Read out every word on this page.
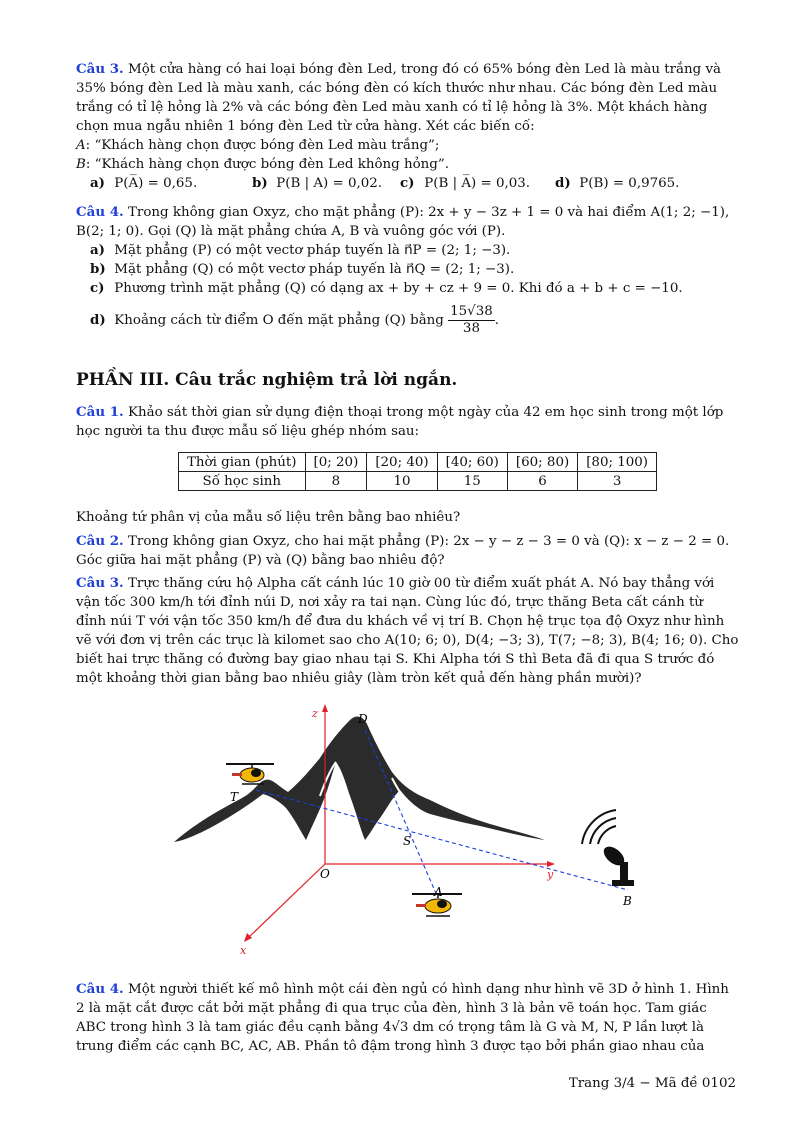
Câu 3. Một cửa hàng có hai loại bóng đèn Led, trong đó có 65% bóng đèn Led là màu trắng và
35% bóng đèn Led là màu xanh, các bóng đèn có kích thước như nhau. Các bóng đèn Led màu
trắng có tỉ lệ hỏng là 2% và các bóng đèn Led màu xanh có tỉ lệ hỏng là 3%. Một khách hàng
chọn mua ngẫu nhiên 1 bóng đèn Led từ cửa hàng. Xét các biến cố:
A: “Khách hàng chọn được bóng đèn Led màu trắng”;
B: “Khách hàng chọn được bóng đèn Led không hỏng”.
a) P(A̅) = 0,65.	b) P(B | A) = 0,02. c) P(B | A̅) = 0,03. d) P(B) = 0,9765.
Câu 4. Trong không gian Oxyz, cho mặt phẳng (P): 2x + y − 3z + 1 = 0 và hai điểm A(1; 2; −1),
B(2; 1; 0). Gọi (Q) là mặt phẳng chứa A, B và vuông góc với (P).
a) Mặt phẳng (P) có một vectơ pháp tuyến là n⃗P = (2; 1; −3).
b) Mặt phẳng (Q) có một vectơ pháp tuyến là n⃗Q = (2; 1; −3).
c) Phương trình mặt phẳng (Q) có dạng ax + by + cz + 9 = 0. Khi đó a + b + c = −10.
d) Khoảng cách từ điểm O đến mặt phẳng (Q) bằng $\frac{15√38}{38}$ .
PHẦN III. Câu trắc nghiệm trả lời ngắn.
Câu 1. Khảo sát thời gian sử dụng điện thoại trong một ngày của 42 em học sinh trong một lớp
học người ta thu được mẫu số liệu ghép nhóm sau:
Thời gian (phút)	[0; 20)	[20; 40)	[40; 60)	[60; 80)	[80; 100)
Số học sinh	8	10	15	6	3
Khoảng tứ phân vị của mẫu số liệu trên bằng bao nhiêu?
Câu 2. Trong không gian Oxyz, cho hai mặt phẳng (P): 2x − y − z − 3 = 0 và (Q): x − z − 2 = 0.
Góc giữa hai mặt phẳng (P) và (Q) bằng bao nhiêu độ?
Câu 3. Trực thăng cứu hộ Alpha cất cánh lúc 10 giờ 00 từ điểm xuất phát A. Nó bay thẳng với
vận tốc 300 km/h tới đỉnh núi D, nơi xảy ra tai nạn. Cùng lúc đó, trực thăng Beta cất cánh từ
đỉnh núi T với vận tốc 350 km/h để đưa du khách về vị trí B. Chọn hệ trục tọa độ Oxyz như hình
vẽ với đơn vị trên các trục là kilomet sao cho A(10; 6; 0), D(4; −3; 3), T(7; −8; 3), B(4; 16; 0). Cho
biết hai trực thăng có đường bay giao nhau tại S. Khi Alpha tới S thì Beta đã đi qua S trước đó
một khoảng thời gian bằng bao nhiêu giây (làm tròn kết quả đến hàng phần mười)?
z	D
T
S
O	y
A
B
x
Câu 4. Một người thiết kế mô hình một cái đèn ngủ có hình dạng như hình vẽ 3D ở hình 1. Hình
2 là mặt cắt được cắt bởi mặt phẳng đi qua trục của đèn, hình 3 là bản vẽ toán học. Tam giác
ABC trong hình 3 là tam giác đều cạnh bằng 4√3 dm có trọng tâm là G và M, N, P lần lượt là
trung điểm các cạnh BC, AC, AB. Phần tô đậm trong hình 3 được tạo bởi phần giao nhau của
Trang 3/4 − Mã đề 0102
